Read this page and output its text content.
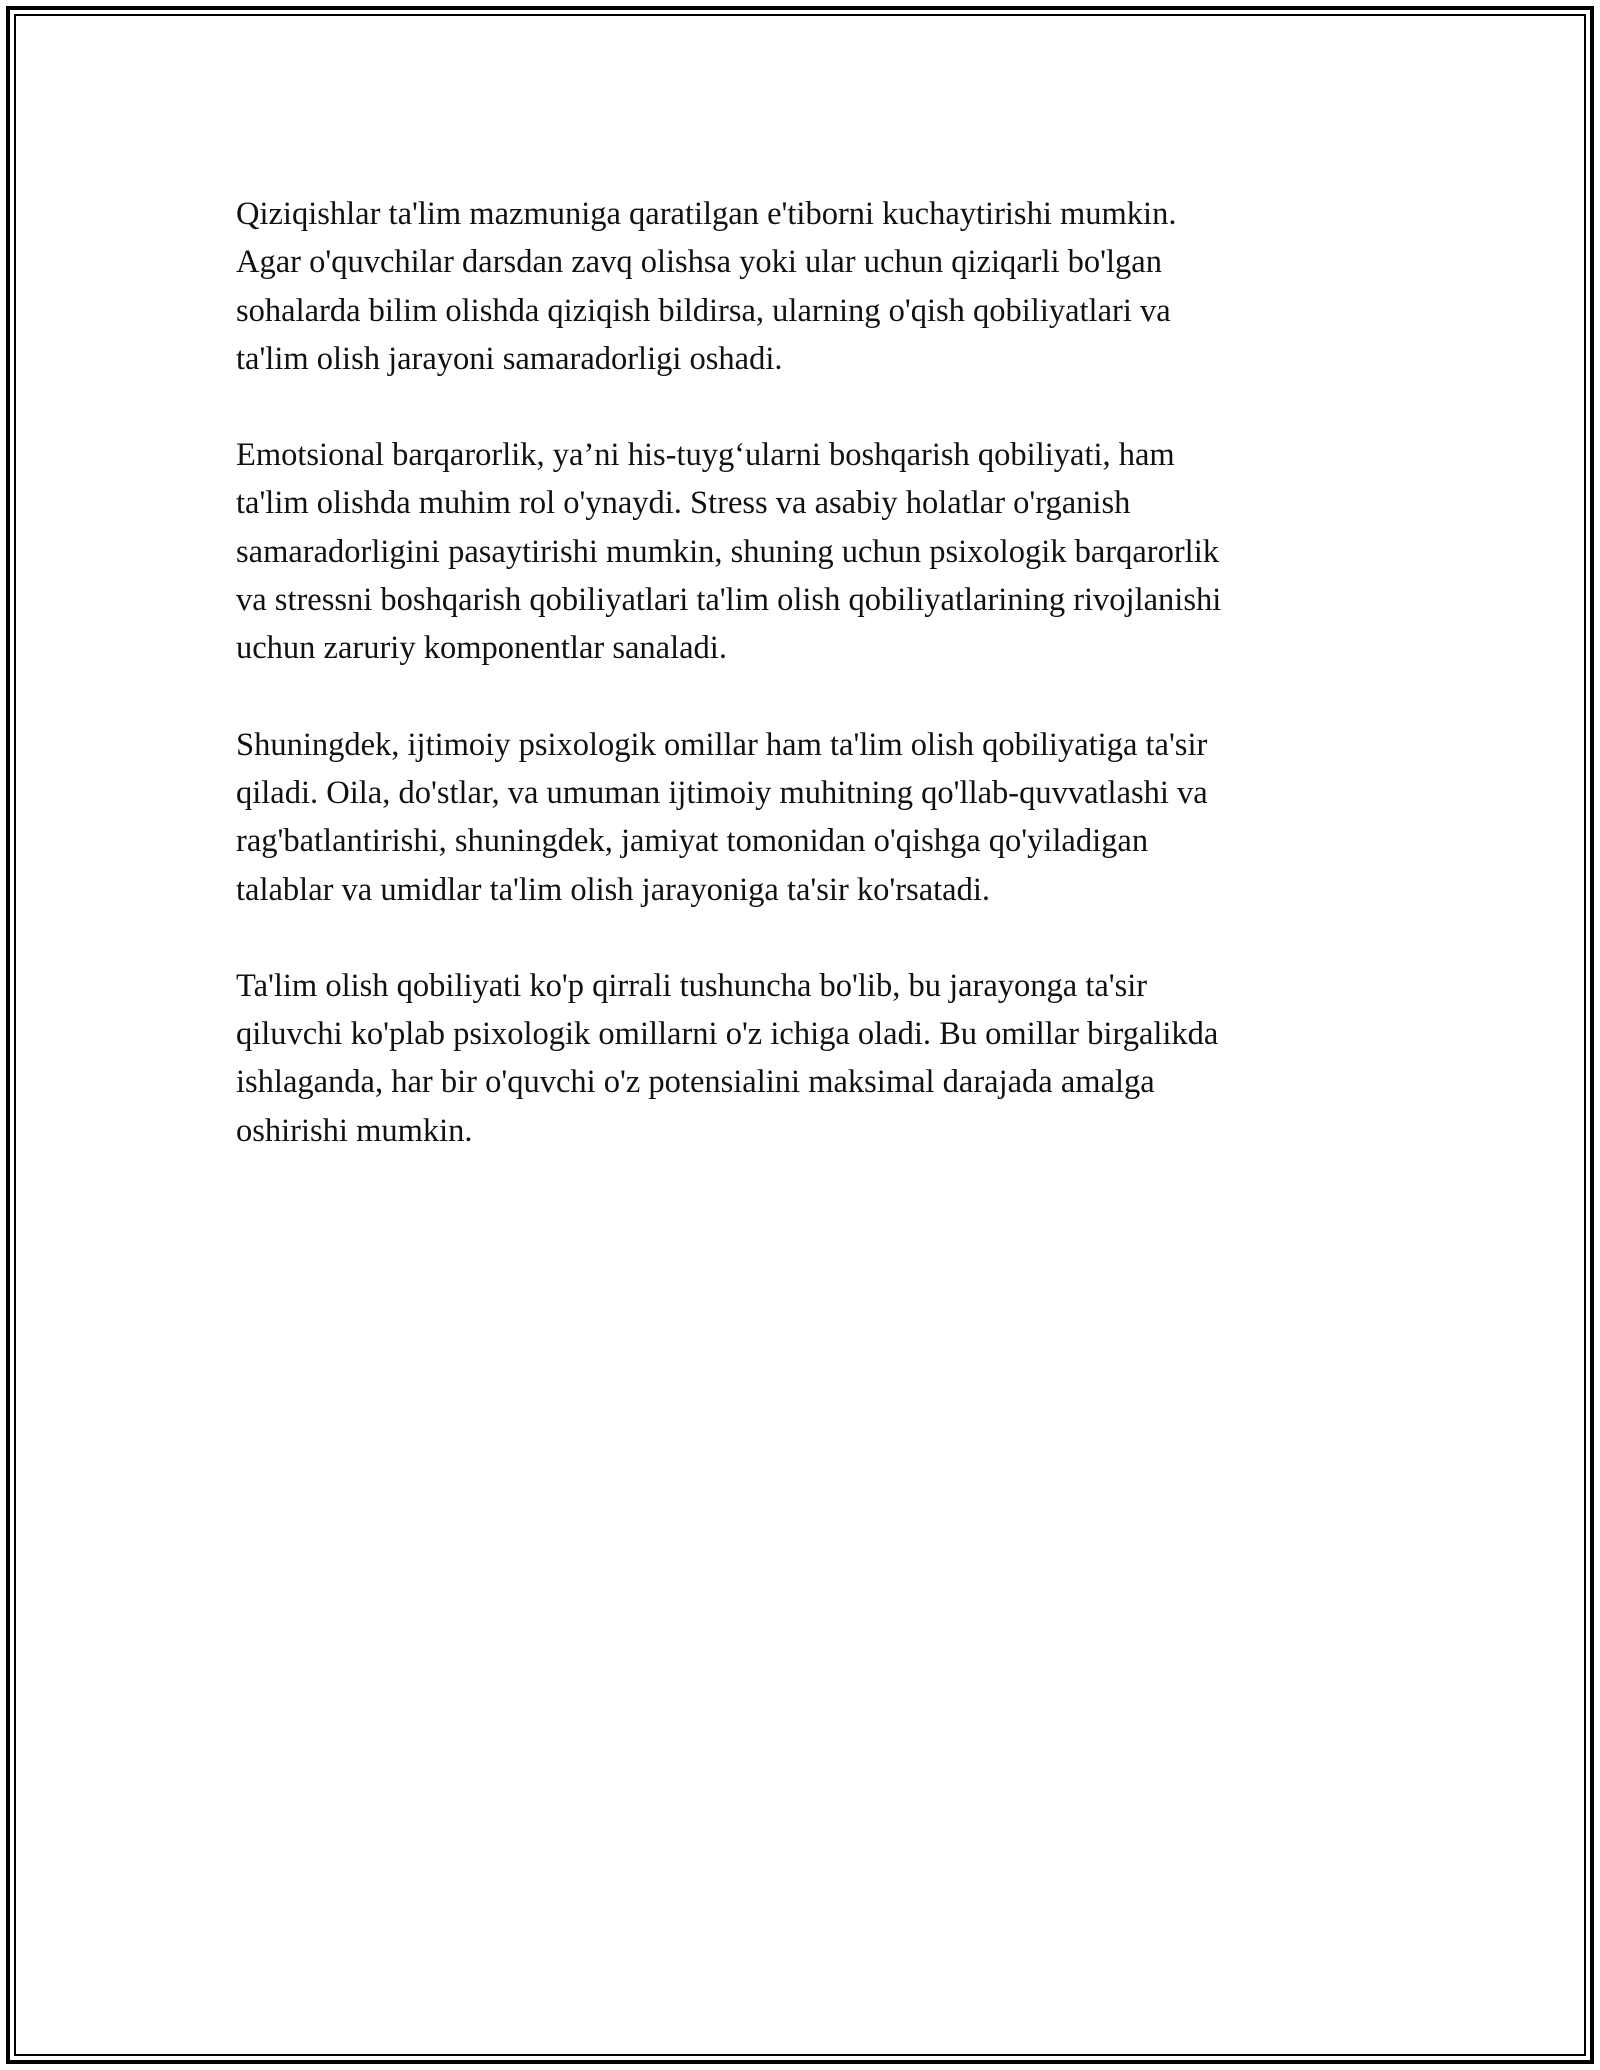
Qiziqishlar ta'lim mazmuniga qaratilgan e'tiborni kuchaytirishi mumkin.
Agar o'quvchilar darsdan zavq olishsa yoki ular uchun qiziqarli bo'lgan
sohalarda bilim olishda qiziqish bildirsa, ularning o'qish qobiliyatlari va
ta'lim olish jarayoni samaradorligi oshadi.

Emotsional barqarorlik, ya’ni his-tuyg‘ularni boshqarish qobiliyati, ham
ta'lim olishda muhim rol o'ynaydi. Stress va asabiy holatlar o'rganish
samaradorligini pasaytirishi mumkin, shuning uchun psixologik barqarorlik
va stressni boshqarish qobiliyatlari ta'lim olish qobiliyatlarining rivojlanishi
uchun zaruriy komponentlar sanaladi.

Shuningdek, ijtimoiy psixologik omillar ham ta'lim olish qobiliyatiga ta'sir
qiladi. Oila, do'stlar, va umuman ijtimoiy muhitning qo'llab-quvvatlashi va
rag'batlantirishi, shuningdek, jamiyat tomonidan o'qishga qo'yiladigan
talablar va umidlar ta'lim olish jarayoniga ta'sir ko'rsatadi.

Ta'lim olish qobiliyati ko'p qirrali tushuncha bo'lib, bu jarayonga ta'sir
qiluvchi ko'plab psixologik omillarni o'z ichiga oladi. Bu omillar birgalikda
ishlaganda, har bir o'quvchi o'z potensialini maksimal darajada amalga
oshirishi mumkin.
